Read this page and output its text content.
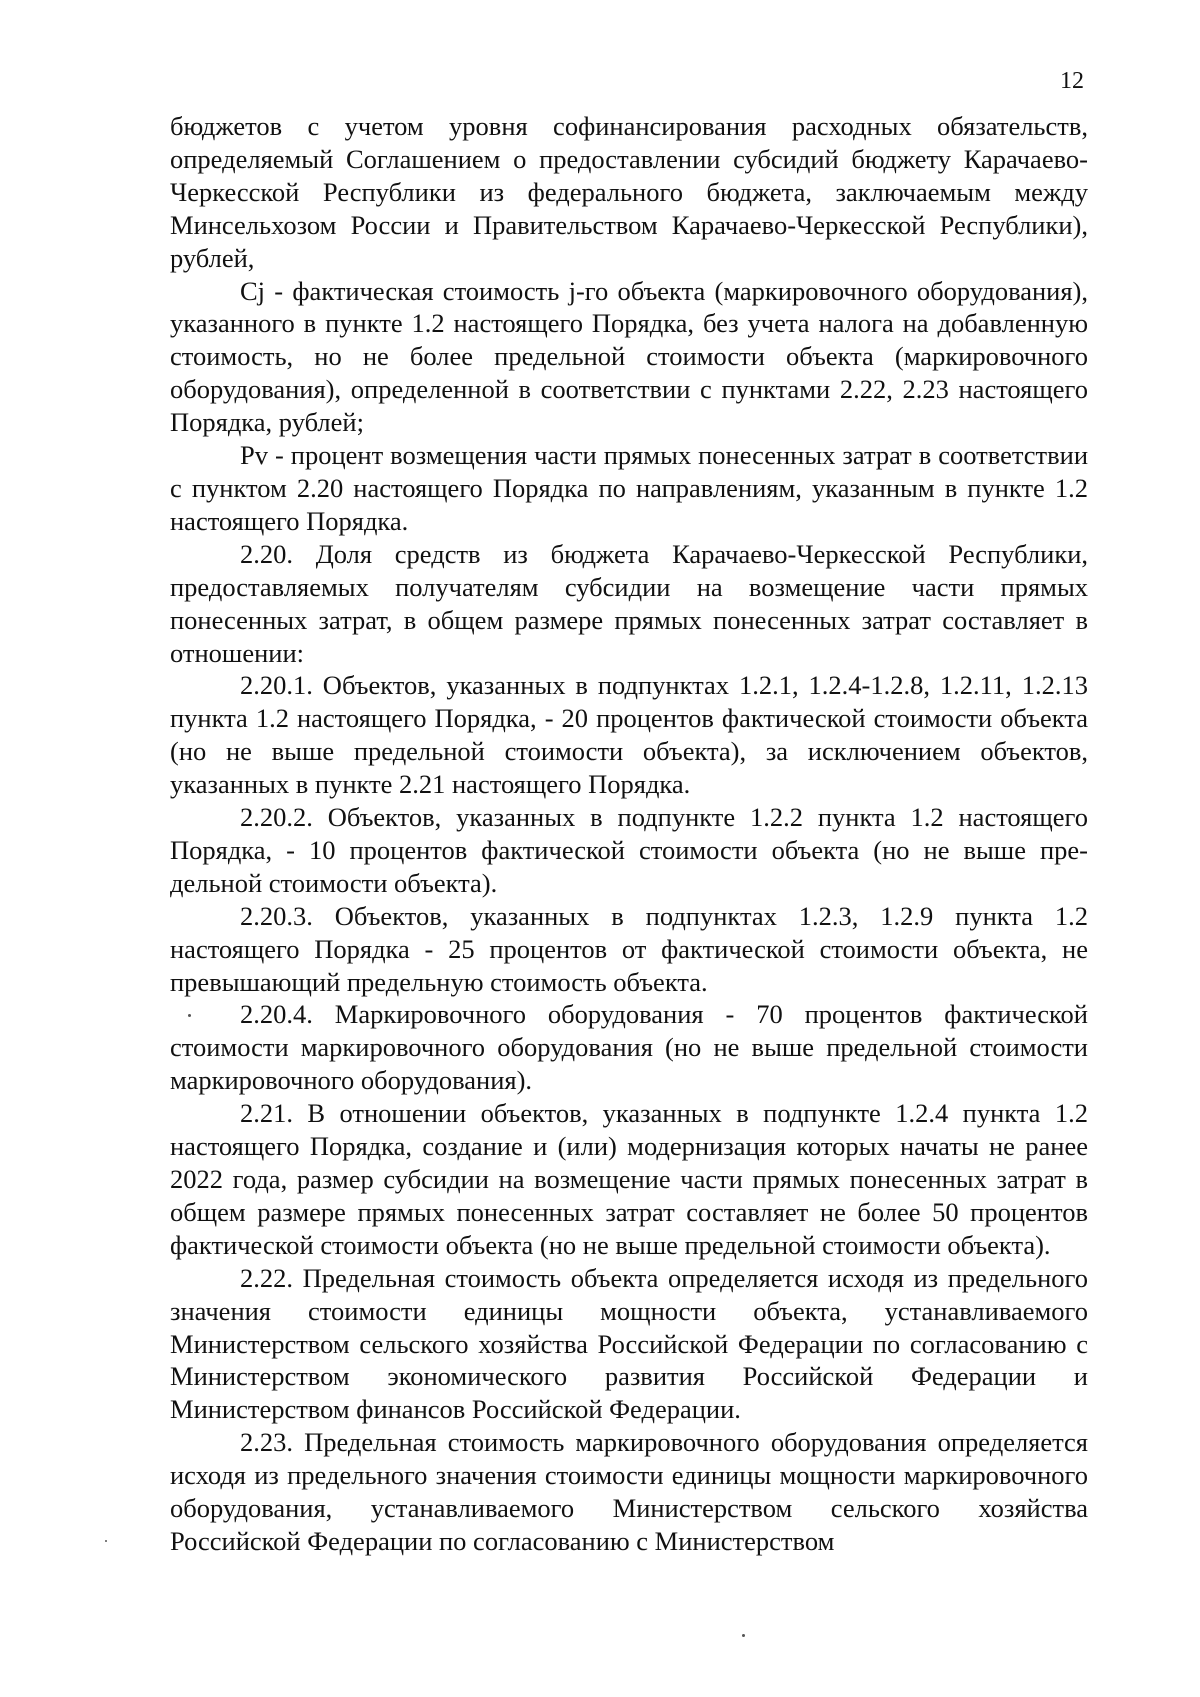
12

бюджетов с учетом уровня софинансирования расходных обязательств, определяемый Соглашением о предоставлении субсидий бюджету Карачаево-Черкесской Республики из федерального бюджета, заключаемым между Минсельхозом России и Правительством Карачаево-Черкесской Республики), рублей,

Cj - фактическая стоимость j-го объекта (маркировочного оборудования), указанного в пункте 1.2 настоящего Порядка, без учета налога на добавленную стоимость, но не более предельной стоимости объекта (маркировочного оборудования), определенной в соответствии с пунктами 2.22, 2.23 настоящего Порядка, рублей;

Pv - процент возмещения части прямых понесенных затрат в соответствии с пунктом 2.20 настоящего Порядка по направлениям, указанным в пункте 1.2 настоящего Порядка.

2.20. Доля средств из бюджета Карачаево-Черкесской Республики, предоставляемых получателям субсидии на возмещение части прямых понесенных затрат, в общем размере прямых понесенных затрат составляет в отношении:

2.20.1. Объектов, указанных в подпунктах 1.2.1, 1.2.4-1.2.8, 1.2.11, 1.2.13 пункта 1.2 настоящего Порядка, - 20 процентов фактической стоимости объекта (но не выше предельной стоимости объекта), за исключением объектов, указанных в пункте 2.21 настоящего Порядка.

2.20.2. Объектов, указанных в подпункте 1.2.2 пункта 1.2 настоящего Порядка, - 10 процентов фактической стоимости объекта (но не выше предельной стоимости объекта).

2.20.3. Объектов, указанных в подпунктах 1.2.3, 1.2.9 пункта 1.2 настоящего Порядка - 25 процентов от фактической стоимости объекта, не превышающий предельную стоимость объекта.

2.20.4. Маркировочного оборудования - 70 процентов фактической стоимости маркировочного оборудования (но не выше предельной стоимости маркировочного оборудования).

2.21. В отношении объектов, указанных в подпункте 1.2.4 пункта 1.2 настоящего Порядка, создание и (или) модернизация которых начаты не ранее 2022 года, размер субсидии на возмещение части прямых понесенных затрат в общем размере прямых понесенных затрат составляет не более 50 процентов фактической стоимости объекта (но не выше предельной стоимости объекта).

2.22. Предельная стоимость объекта определяется исходя из предельного значения стоимости единицы мощности объекта, устанавливаемого Министерством сельского хозяйства Российской Федерации по согласованию с Министерством экономического развития Российской Федерации и Министерством финансов Российской Федерации.

2.23. Предельная стоимость маркировочного оборудования определяется исходя из предельного значения стоимости единицы мощности маркировочного оборудования, устанавливаемого Министерством сельского хозяйства Российской Федерации по согласованию с Министерством
